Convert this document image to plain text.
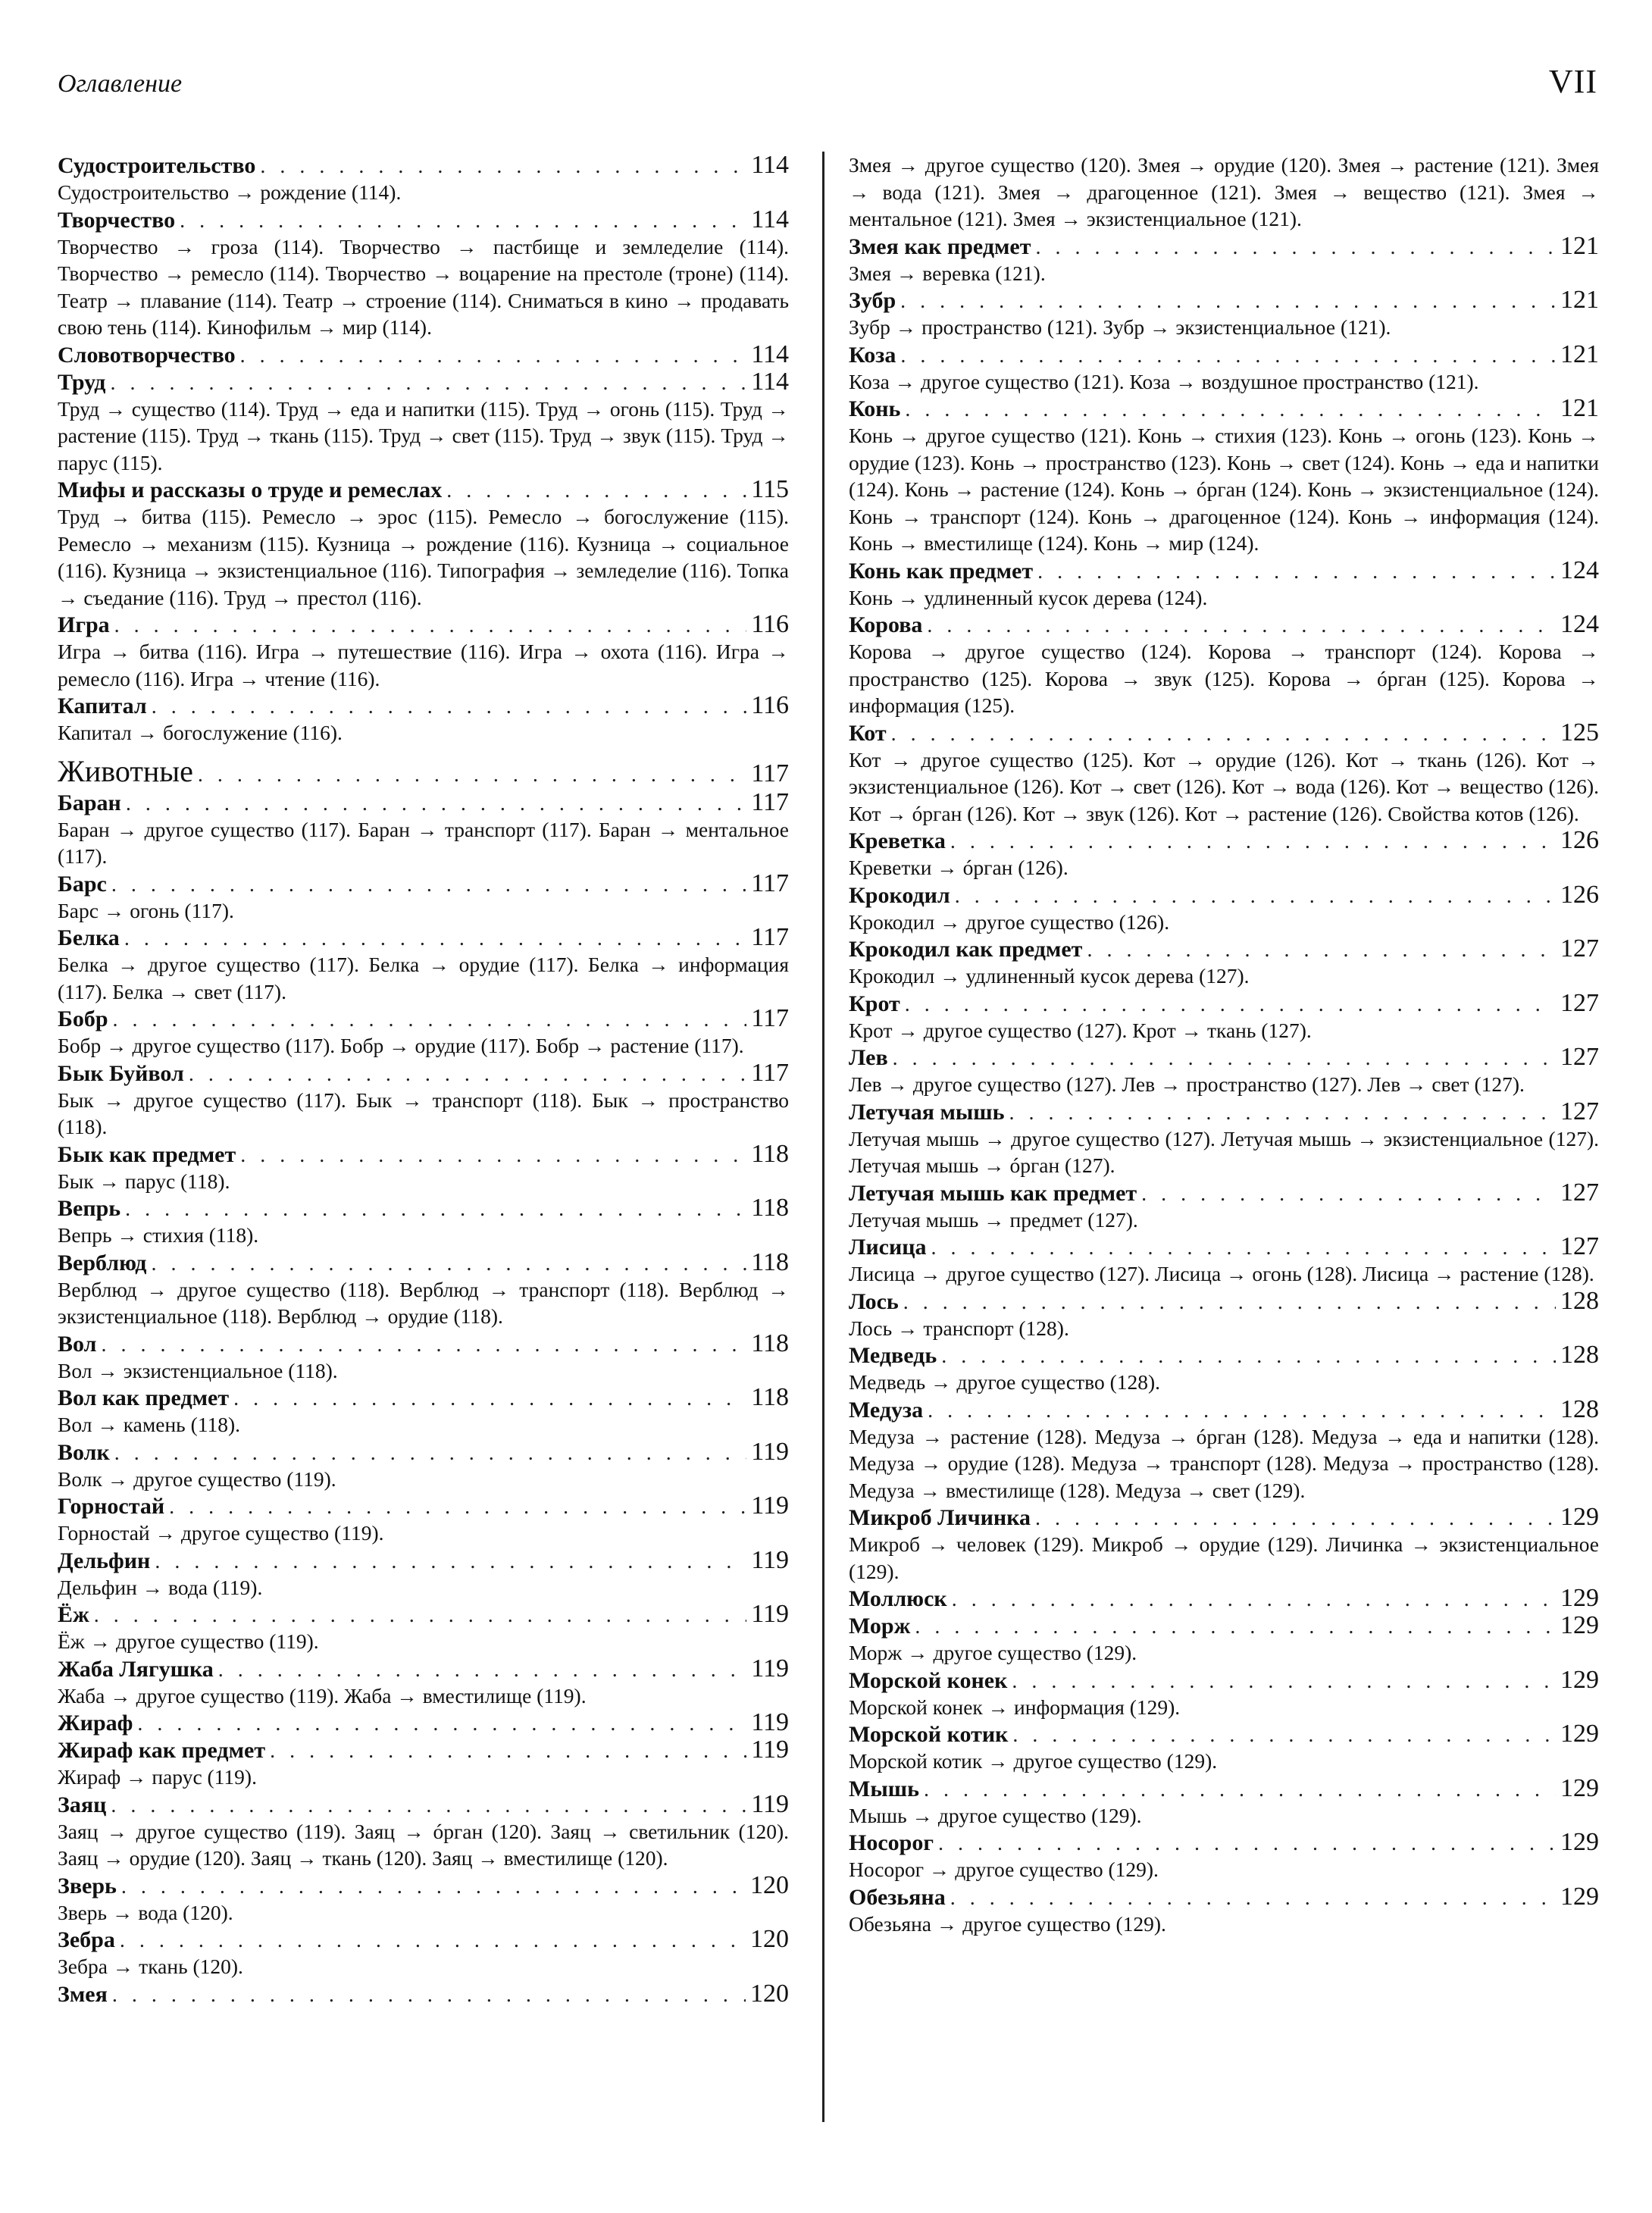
Оглавление	VII
Судостроительство . . .	114

Судостроительство → рождение (114).

Творчество . . .	114

Творчество → гроза (114). Творчество → пастбище и земледелие (114). Творчество → ремесло (114). Творчество → воцарение на престоле (троне) (114). Театр → плавание (114). Театр → строение (114). Сниматься в кино → продавать свою тень (114). Кинофильм → мир (114).

Словотворчество . . .	114
Труд . . .	114

Труд → существо (114). Труд → еда и напитки (115). Труд → огонь (115). Труд → растение (115). Труд → ткань (115). Труд → свет (115). Труд → звук (115). Труд → парус (115).

Мифы и рассказы о труде и ремеслах . . .	115

Труд → битва (115). Ремесло → эрос (115). Ремесло → богослужение (115). Ремесло → механизм (115). Кузница → рождение (116). Кузница → социальное (116). Кузница → экзистенциальное (116). Типография → земледелие (116). Топка → съедание (116). Труд → престол (116).

Игра . . .	116

Игра → битва (116). Игра → путешествие (116). Игра → охота (116). Игра → ремесло (116). Игра → чтение (116).

Капитал . . .	116

Капитал → богослужение (116).

Животные . . .	117
Баран . . .	117

Баран → другое существо (117). Баран → транспорт (117). Баран → ментальное (117).

Барс . . .	117

Барс → огонь (117).

Белка . . .	117

Белка → другое существо (117). Белка → орудие (117). Белка → информация (117). Белка → свет (117).

Бобр . . .	117

Бобр → другое существо (117). Бобр → орудие (117). Бобр → растение (117).

Бык Буйвол . . .	117

Бык → другое существо (117). Бык → транспорт (118). Бык → пространство (118).

Бык как предмет . . .	118

Бык → парус (118).

Вепрь . . .	118

Вепрь → стихия (118).

Верблюд . . .	118

Верблюд → другое существо (118). Верблюд → транспорт (118). Верблюд → экзистенциальное (118). Верблюд → орудие (118).

Вол . . .	118

Вол → экзистенциальное (118).

Вол как предмет . . .	118

Вол → камень (118).

Волк . . .	119

Волк → другое существо (119).

Горностай . . .	119

Горностай → другое существо (119).

Дельфин . . .	119

Дельфин → вода (119).

Ёж . . .	119

Ёж → другое существо (119).

Жаба Лягушка . . .	119

Жаба → другое существо (119). Жаба → вместилище (119).

Жираф . . .	119
Жираф как предмет . . .	119

Жираф → парус (119).

Заяц . . .	119

Заяц → другое существо (119). Заяц → óрган (120). Заяц → светильник (120). Заяц → орудие (120). Заяц → ткань (120). Заяц → вместилище (120).

Зверь . . .	120

Зверь → вода (120).

Зебра . . .	120

Зебра → ткань (120).

Змея . . .	120

Змея → другое существо (120). Змея → орудие (120). Змея → растение (121). Змея → вода (121). Змея → драгоценное (121). Змея → вещество (121). Змея → ментальное (121). Змея → экзистенциальное (121).

Змея как предмет . . .	121

Змея → веревка (121).

Зубр . . .	121

Зубр → пространство (121). Зубр → экзистенциальное (121).

Коза . . .	121

Коза → другое существо (121). Коза → воздушное пространство (121).

Конь . . .	121

Конь → другое существо (121). Конь → стихия (123). Конь → огонь (123). Конь → орудие (123). Конь → пространство (123). Конь → свет (124). Конь → еда и напитки (124). Конь → растение (124). Конь → óрган (124). Конь → экзистенциальное (124). Конь → транспорт (124). Конь → драгоценное (124). Конь → информация (124). Конь → вместилище (124). Конь → мир (124).

Конь как предмет . . .	124

Конь → удлиненный кусок дерева (124).

Корова . . .	124

Корова → другое существо (124). Корова → транспорт (124). Корова → пространство (125). Корова → звук (125). Корова → óрган (125). Корова → информация (125).

Кот . . .	125

Кот → другое существо (125). Кот → орудие (126). Кот → ткань (126). Кот → экзистенциальное (126). Кот → свет (126). Кот → вода (126). Кот → вещество (126). Кот → óрган (126). Кот → звук (126). Кот → растение (126). Свойства котов (126).

Креветка . . .	126

Креветки → óрган (126).

Крокодил . . .	126

Крокодил → другое существо (126).

Крокодил как предмет . . .	127

Крокодил → удлиненный кусок дерева (127).

Крот . . .	127

Крот → другое существо (127). Крот → ткань (127).

Лев . . .	127

Лев → другое существо (127). Лев → пространство (127). Лев → свет (127).

Летучая мышь . . .	127

Летучая мышь → другое существо (127). Летучая мышь → экзистенциальное (127). Летучая мышь → óрган (127).

Летучая мышь как предмет . . .	127

Летучая мышь → предмет (127).

Лисица . . .	127

Лисица → другое существо (127). Лисица → огонь (128). Лисица → растение (128).

Лось . . .	128

Лось → транспорт (128).

Медведь . . .	128

Медведь → другое существо (128).

Медуза . . .	128

Медуза → растение (128). Медуза → óрган (128). Медуза → еда и напитки (128). Медуза → орудие (128). Медуза → транспорт (128). Медуза → пространство (128). Медуза → вместилище (128). Медуза → свет (129).

Микроб Личинка . . .	129

Микроб → человек (129). Микроб → орудие (129). Личинка → экзистенциальное (129).

Моллюск . . .	129
Морж . . .	129

Морж → другое существо (129).

Морской конек . . .	129

Морской конек → информация (129).

Морской котик . . .	129

Морской котик → другое существо (129).

Мышь . . .	129

Мышь → другое существо (129).

Носорог . . .	129

Носорог → другое существо (129).

Обезьяна . . .	129

Обезьяна → другое существо (129).
